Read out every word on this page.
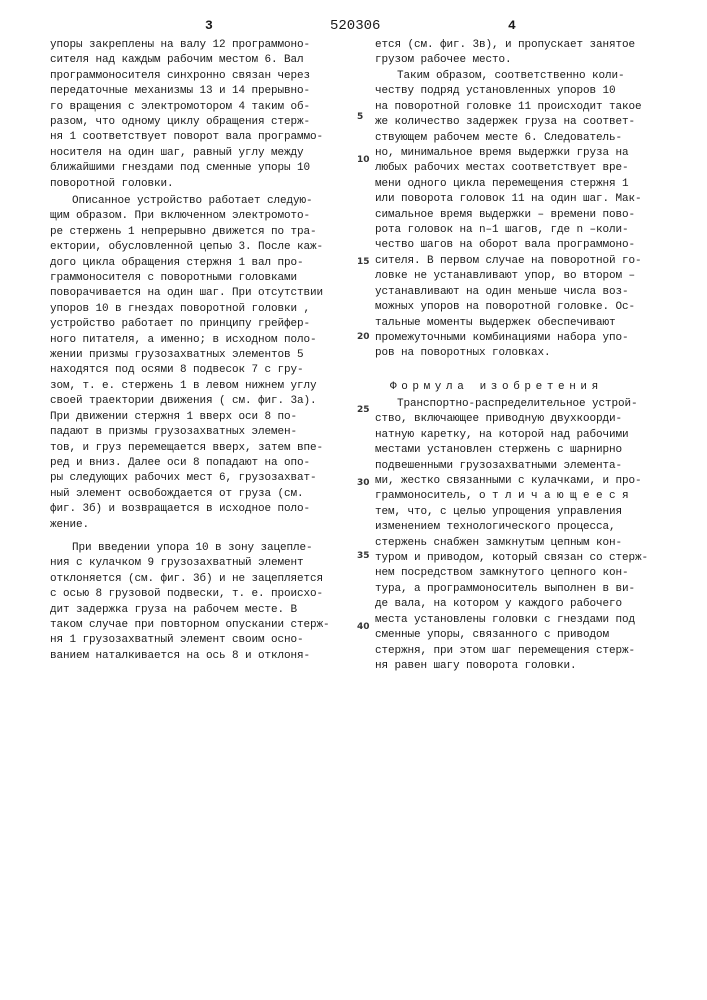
3	520306	4
5
10
15
20
25
30
35
40
упоры закреплены на валу 12 программоно-
сителя над каждым рабочим местом 6. Вал
программоносителя синхронно связан через
передаточные механизмы 13 и 14 прерывно-
го вращения с электромотором 4 таким об-
разом, что одному циклу обращения стерж-
ня 1 соответствует поворот вала программо-
носителя на один шаг, равный углу между
ближайшими гнездами под сменные упоры 10
поворотной головки.
Описанное устройство работает следую-
щим образом. При включенном электромото-
ре стержень 1 непрерывно движется по тра-
ектории, обусловленной цепью 3. После каж-
дого цикла обращения стержня 1 вал про-
граммоносителя с поворотными головками
поворачивается на один шаг. При отсутствии
упоров 10 в гнездах поворотной головки ,
устройство работает по принципу грейфер-
ного питателя, а именно; в исходном поло-
жении призмы грузозахватных элементов 5
находятся под осями 8 подвесок 7 с гру-
зом, т. е. стержень 1 в левом нижнем углу
своей траектории движения ( см. фиг. 3а).
При движении стержня 1 вверх оси 8 по-
падают в призмы грузозахватных элемен-
тов, и груз перемещается вверх, затем впе-
ред и вниз. Далее оси 8 попадают на опо-
ры следующих рабочих мест 6, грузозахват-
ный элемент освобождается от груза (см.
фиг. 3б) и возвращается в исходное поло-
жение.
При введении упора 10 в зону зацепле-
ния с кулачком 9 грузозахватный элемент
отклоняется (см. фиг. 3б) и не зацепляется
с осью 8 грузовой подвески, т. е. происхо-
дит задержка груза на рабочем месте. В
таком случае при повторном опускании стерж-
ня 1 грузозахватный элемент своим осно-
ванием наталкивается на ось 8 и отклоня-
ется (см. фиг. 3в), и пропускает занятое
грузом рабочее место.
Таким образом, соответственно коли-
честву подряд установленных упоров 10
на поворотной головке 11 происходит такое
же количество задержек груза на соответ-
ствующем рабочем месте 6. Следователь-
но, минимальное время выдержки груза на
любых рабочих местах соответствует вре-
мени одного цикла перемещения стержня 1
или поворота головок 11 на один шаг. Мак-
симальное время выдержки – времени пово-
рота головок на n–1 шагов, где n –коли-
чество шагов на оборот вала программоно-
сителя. В первом случае на поворотной го-
ловке не устанавливают упор, во втором –
устанавливают на один меньше числа воз-
можных упоров на поворотной головке. Ос-
тальные моменты выдержек обеспечивают
промежуточными комбинациями набора упо-
ров на поворотных головках.
Формула изобретения
Транспортно-распределительное устрой-
ство, включающее приводную двухкоорди-
натную каретку, на которой над рабочими
местами установлен стержень с шарнирно
подвешенными грузозахватными элемента-
ми, жестко связанными с кулачками, и про-
граммоноситель, о т л и ч а ю щ е е с я
тем, что, с целью упрощения управления
изменением технологического процесса,
стержень снабжен замкнутым цепным кон-
туром и приводом, который связан со стерж-
нем посредством замкнутого цепного кон-
тура, а программоноситель выполнен в ви-
де вала, на котором у каждого рабочего
места установлены головки с гнездами под
сменные упоры, связанного с приводом
стержня, при этом шаг перемещения стерж-
ня равен шагу поворота головки.
